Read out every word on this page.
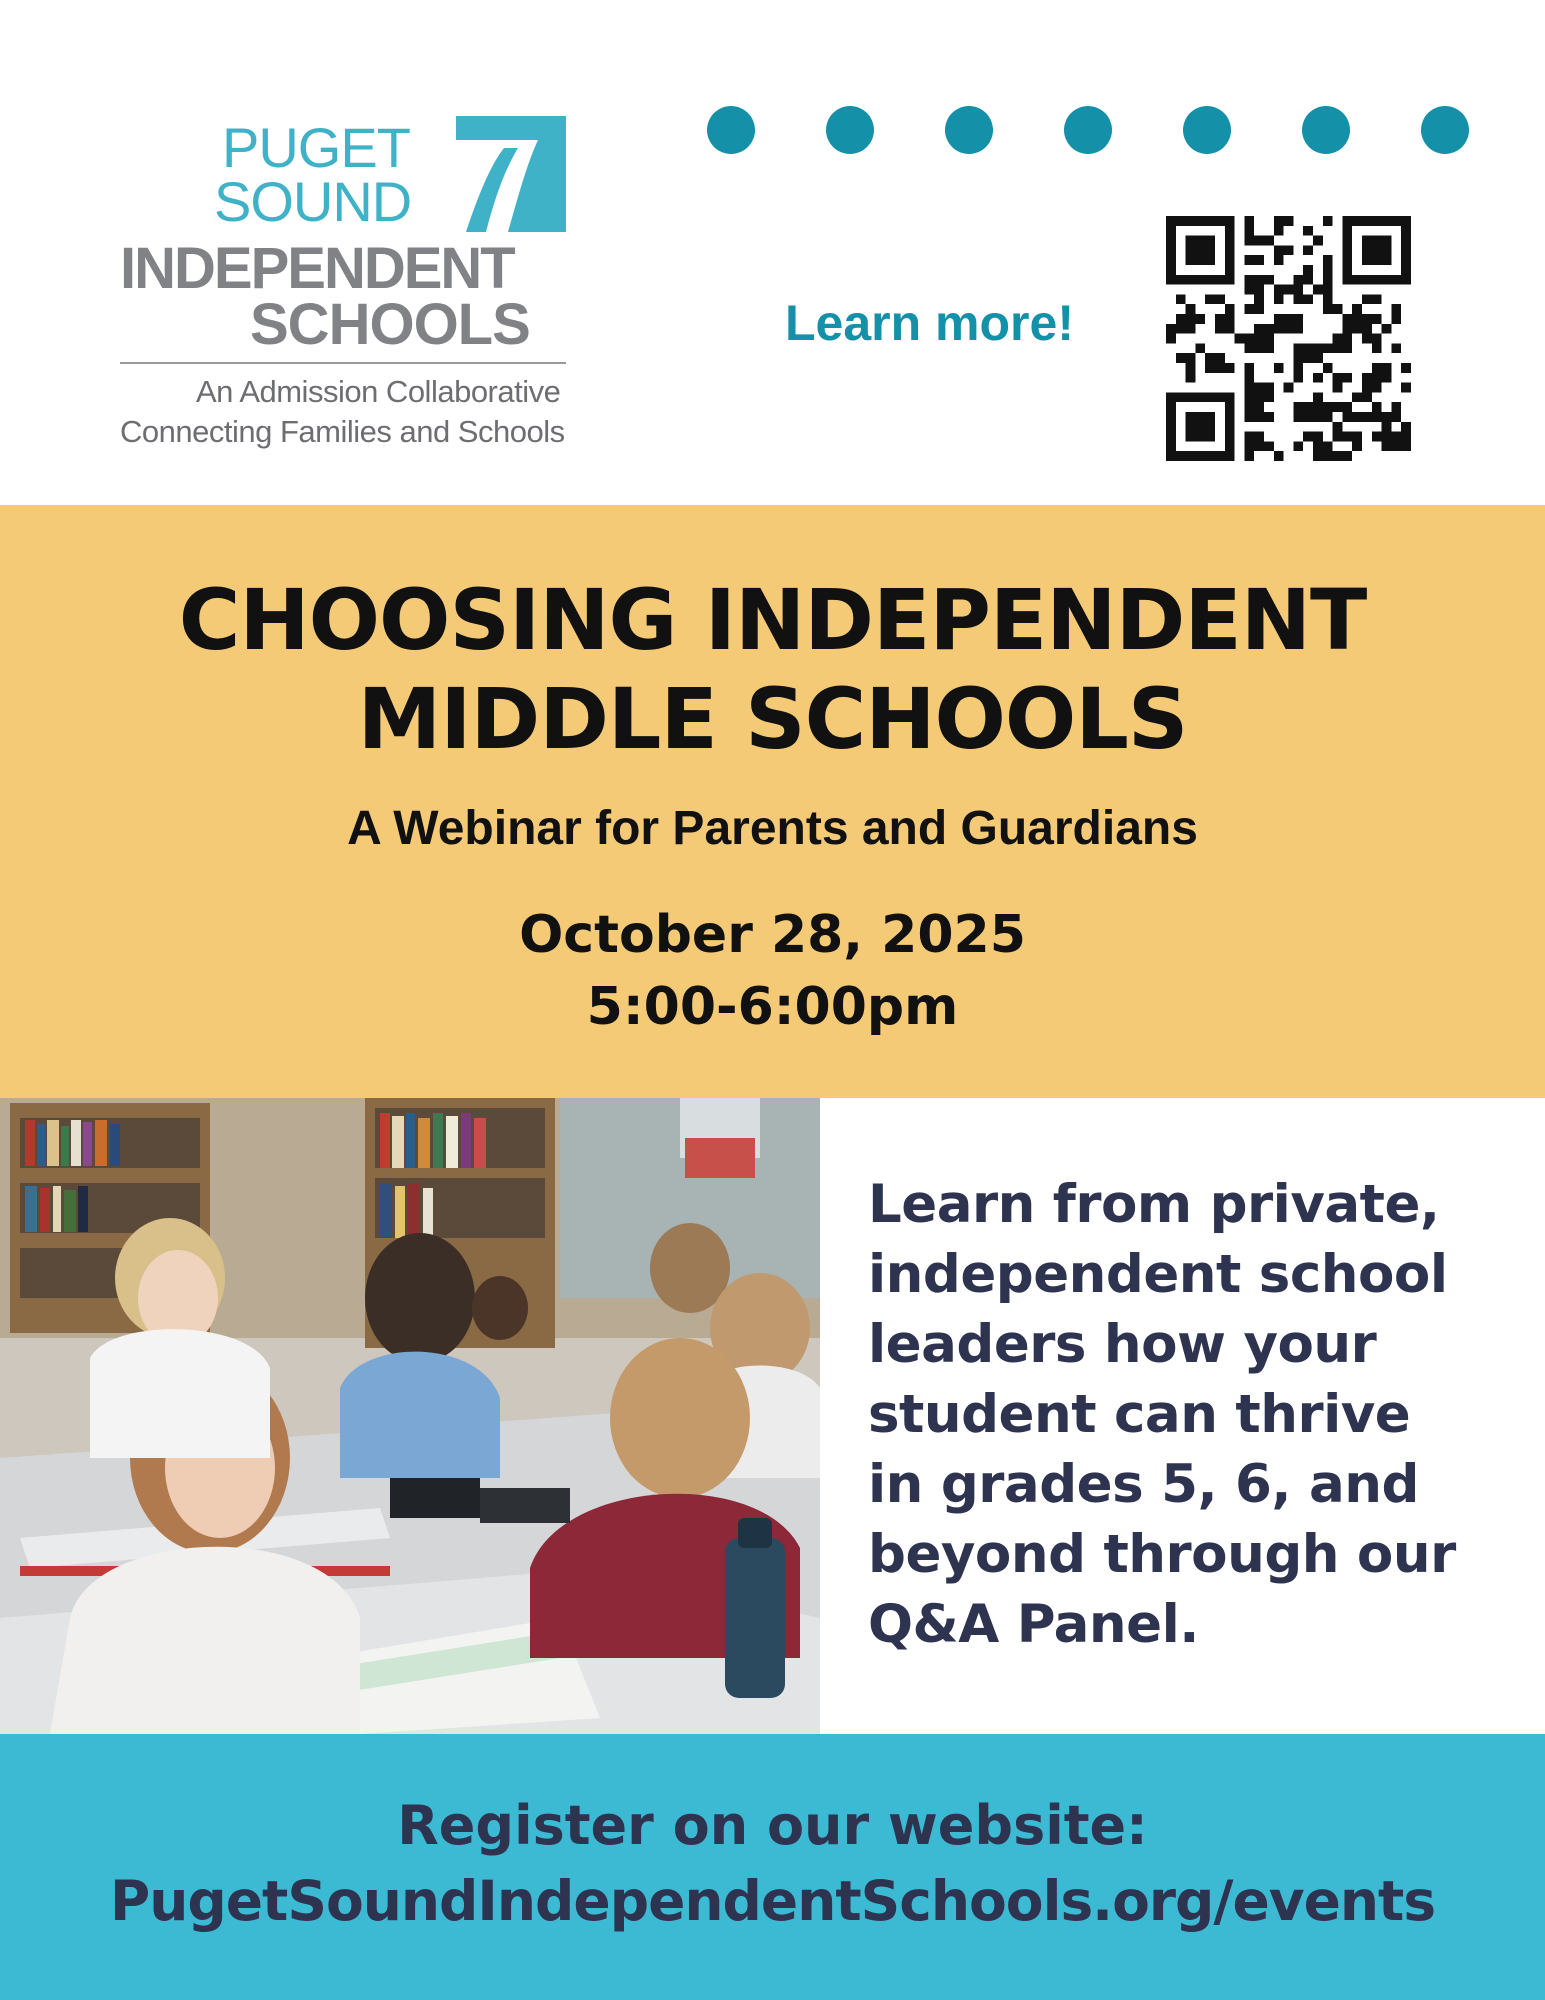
PUGET
SOUND
INDEPENDENT
SCHOOLS
An Admission Collaborative
Connecting Families and Schools
Learn more!
CHOOSING INDEPENDENT
MIDDLE SCHOOLS
A Webinar for Parents and Guardians
October 28, 2025
5:00-6:00pm
Learn from private,
independent school
leaders how your
student can thrive
in grades 5, 6, and
beyond through our
Q&A Panel.
Register on our website:
PugetSoundIndependentSchools.org/events
